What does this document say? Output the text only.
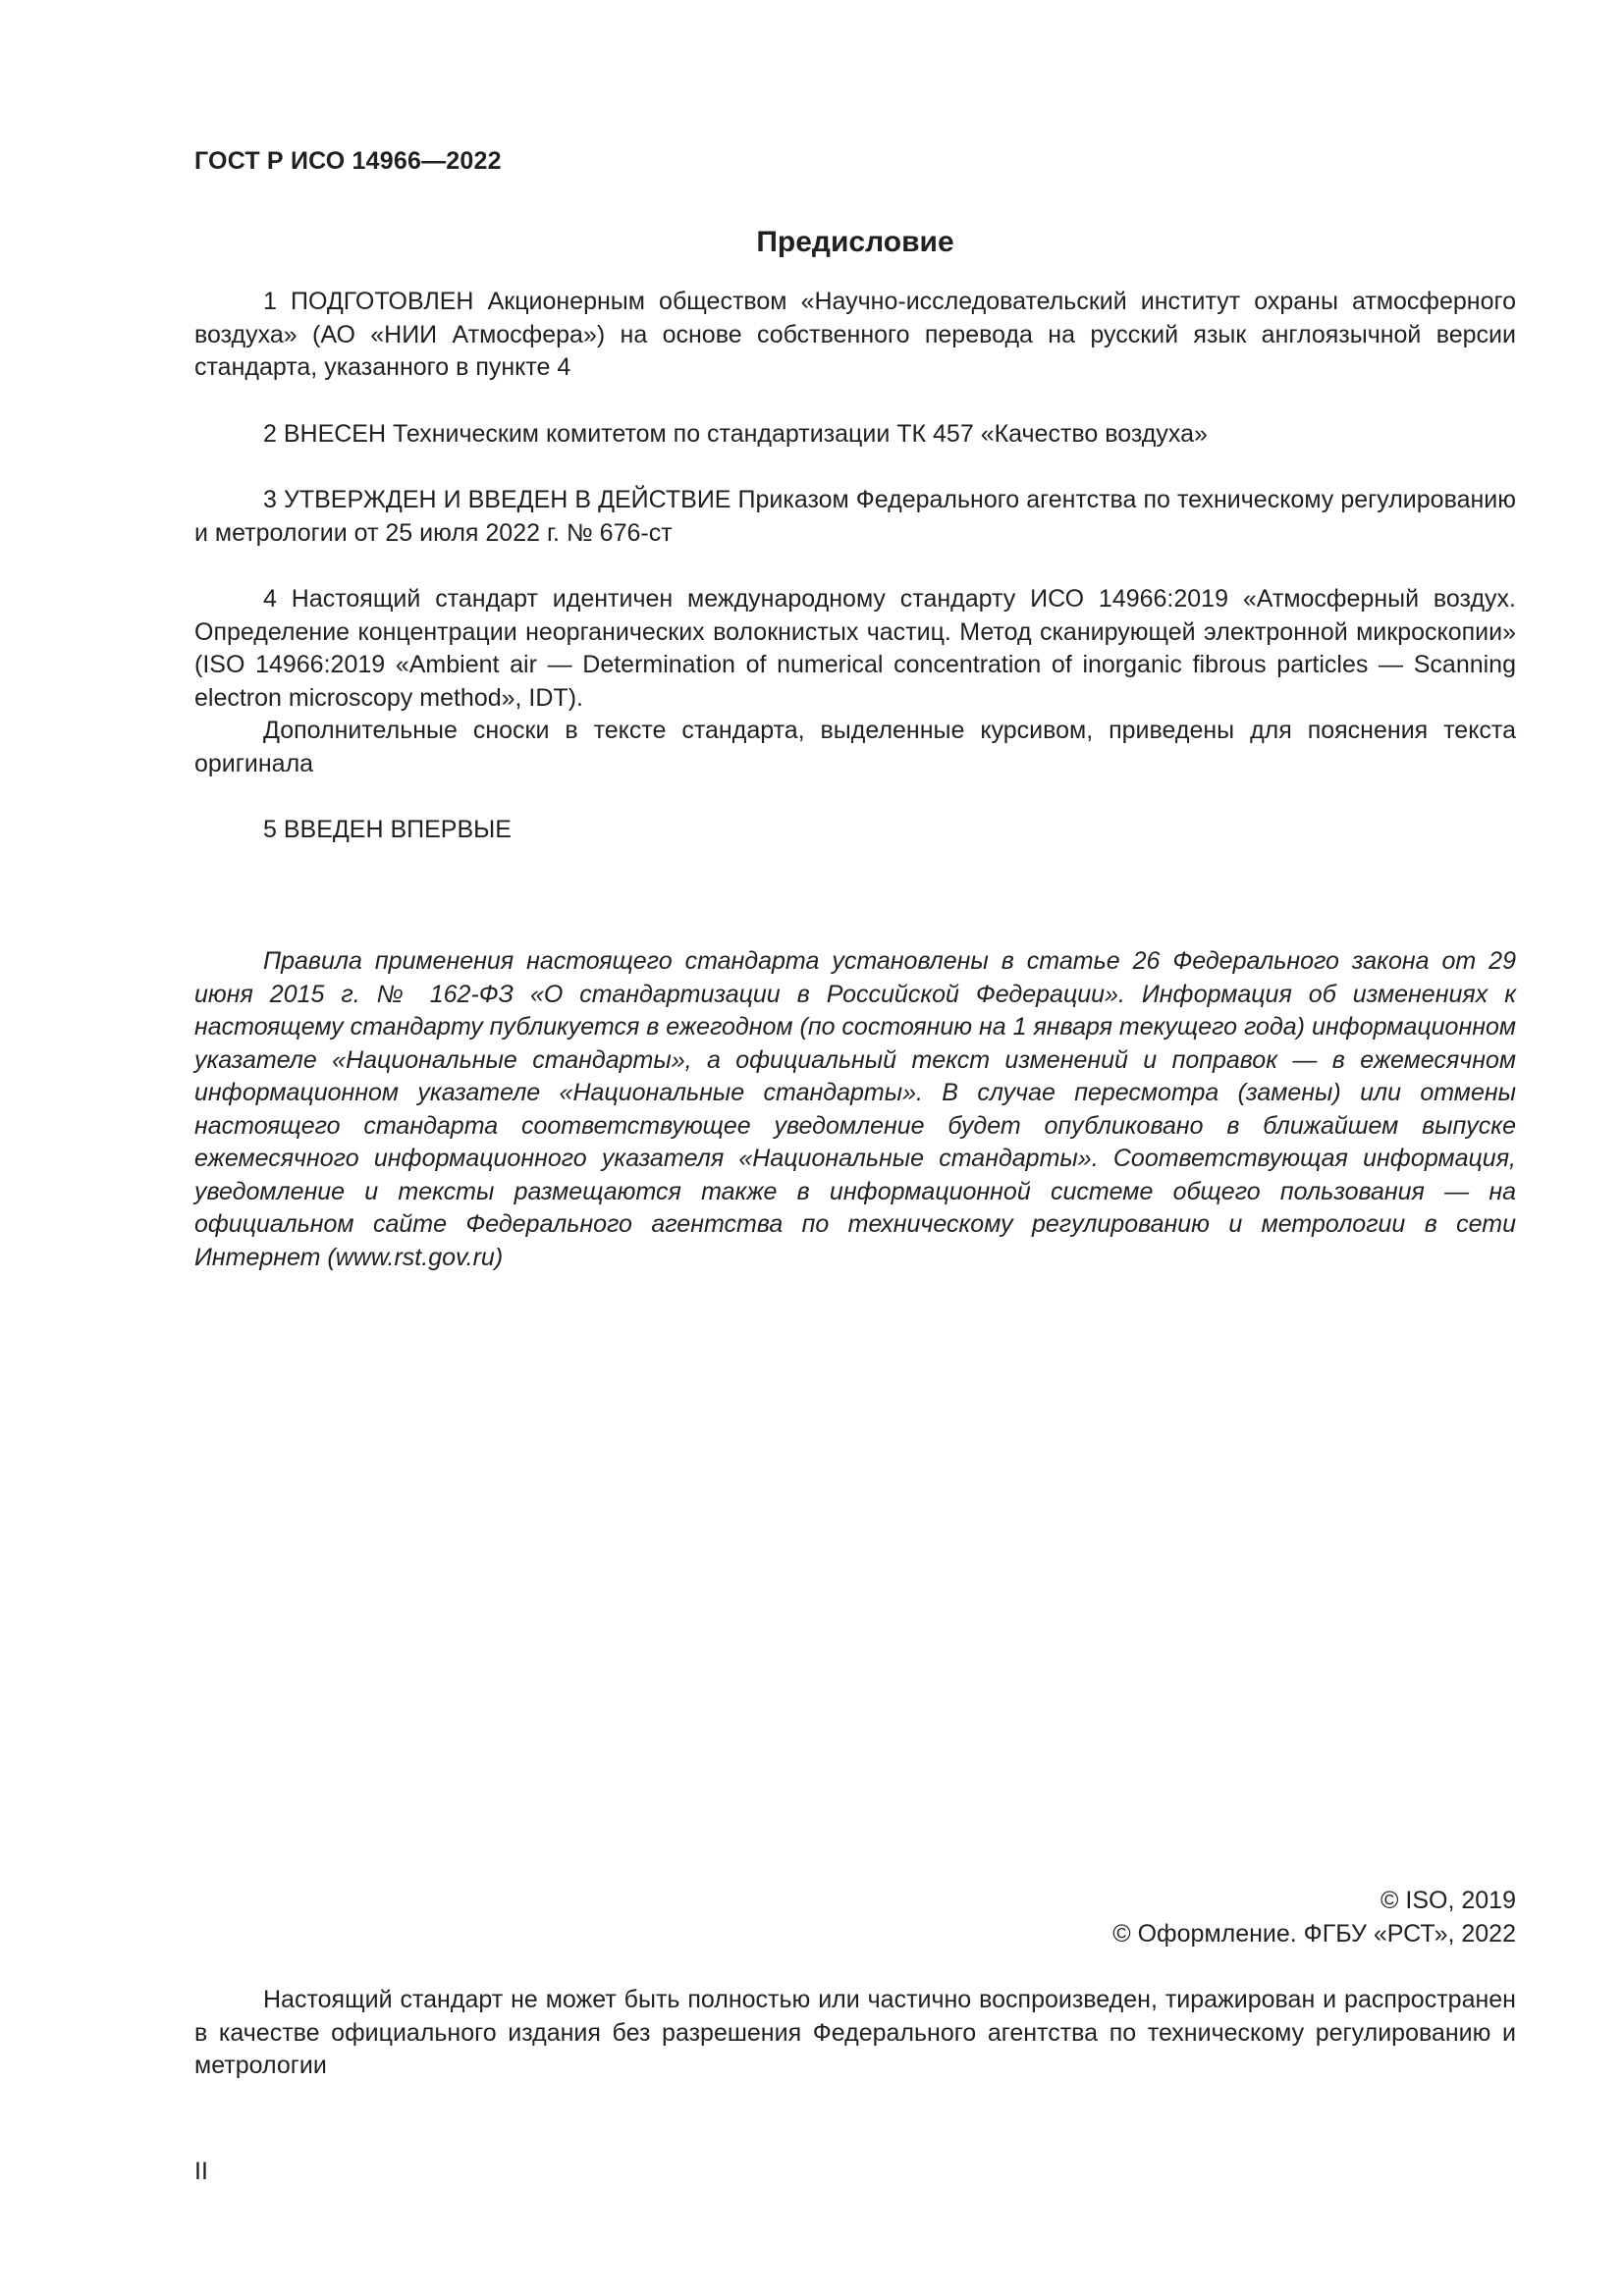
ГОСТ Р ИСО 14966—2022
Предисловие

1 ПОДГОТОВЛЕН Акционерным обществом «Научно-исследовательский институт охраны атмосферного воздуха» (АО «НИИ Атмосфера») на основе собственного перевода на русский язык англоязычной версии стандарта, указанного в пункте 4

2 ВНЕСЕН Техническим комитетом по стандартизации ТК 457 «Качество воздуха»

3 УТВЕРЖДЕН И ВВЕДЕН В ДЕЙСТВИЕ Приказом Федерального агентства по техническому регулированию и метрологии от 25 июля 2022 г. № 676-ст

4 Настоящий стандарт идентичен международному стандарту ИСО 14966:2019 «Атмосферный воздух. Определение концентрации неорганических волокнистых частиц. Метод сканирующей электронной микроскопии» (ISO 14966:2019 «Ambient air — Determination of numerical concentration of inorganic fibrous particles — Scanning electron microscopy method», IDT).

Дополнительные сноски в тексте стандарта, выделенные курсивом, приведены для пояснения текста оригинала

5 ВВЕДЕН ВПЕРВЫЕ

Правила применения настоящего стандарта установлены в статье 26 Федерального закона от 29 июня 2015 г. № 162-ФЗ «О стандартизации в Российской Федерации». Информация об изменениях к настоящему стандарту публикуется в ежегодном (по состоянию на 1 января текущего года) информационном указателе «Национальные стандарты», а официальный текст изменений и поправок — в ежемесячном информационном указателе «Национальные стандарты». В случае пересмотра (замены) или отмены настоящего стандарта соответствующее уведомление будет опубликовано в ближайшем выпуске ежемесячного информационного указателя «Национальные стандарты». Соответствующая информация, уведомление и тексты размещаются также в информационной системе общего пользования — на официальном сайте Федерального агентства по техническому регулированию и метрологии в сети Интернет (www.rst.gov.ru)

© ISO, 2019
© Оформление. ФГБУ «РСТ», 2022

Настоящий стандарт не может быть полностью или частично воспроизведен, тиражирован и распространен в качестве официального издания без разрешения Федерального агентства по техническому регулированию и метрологии

II
